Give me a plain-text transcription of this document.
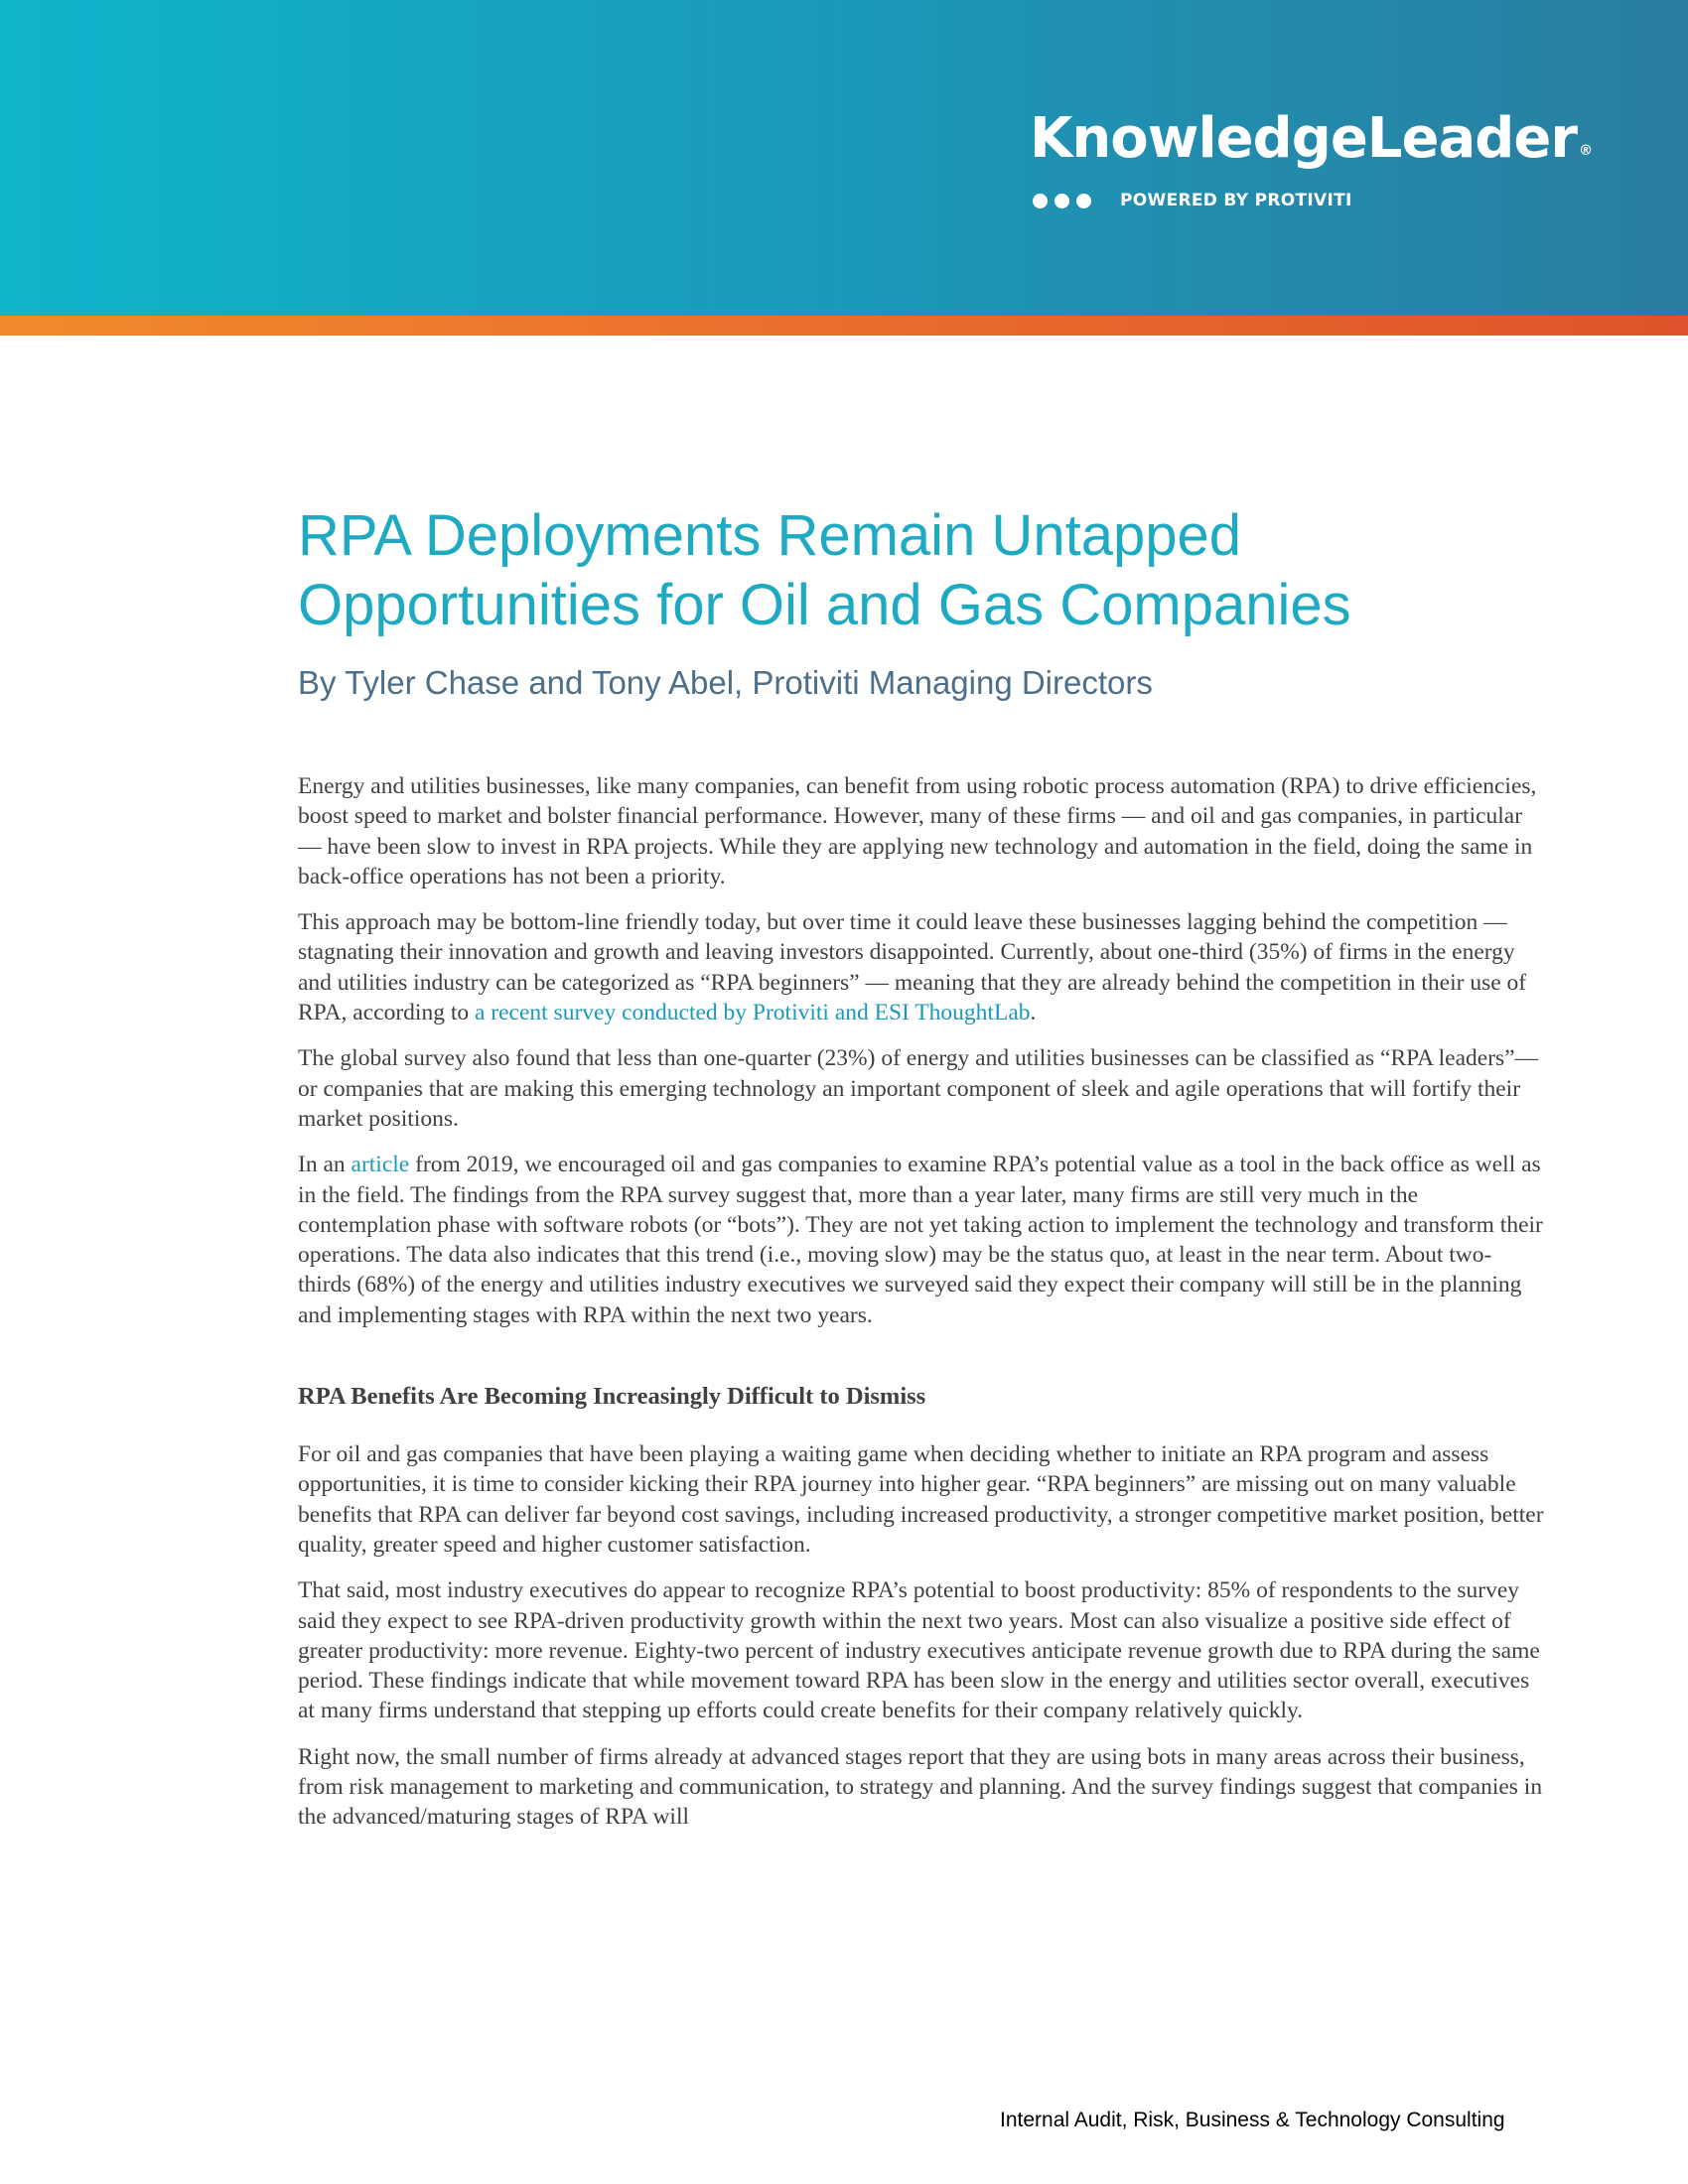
KnowledgeLeader ®
POWERED BY PROTIVITI
RPA Deployments Remain Untapped Opportunities for Oil and Gas Companies

By Tyler Chase and Tony Abel, Protiviti Managing Directors

Energy and utilities businesses, like many companies, can benefit from using robotic process automation (RPA) to drive efficiencies, boost speed to market and bolster financial performance. However, many of these firms — and oil and gas companies, in particular — have been slow to invest in RPA projects. While they are applying new technology and automation in the field, doing the same in back-office operations has not been a priority.

This approach may be bottom-line friendly today, but over time it could leave these businesses lagging behind the competition — stagnating their innovation and growth and leaving investors disappointed. Currently, about one-third (35%) of firms in the energy and utilities industry can be categorized as “RPA beginners” — meaning that they are already behind the competition in their use of RPA, according to a recent survey conducted by Protiviti and ESI ThoughtLab.

The global survey also found that less than one-quarter (23%) of energy and utilities businesses can be classified as “RPA leaders”— or companies that are making this emerging technology an important component of sleek and agile operations that will fortify their market positions.

In an article from 2019, we encouraged oil and gas companies to examine RPA’s potential value as a tool in the back office as well as in the field. The findings from the RPA survey suggest that, more than a year later, many firms are still very much in the contemplation phase with software robots (or “bots”). They are not yet taking action to implement the technology and transform their operations. The data also indicates that this trend (i.e., moving slow) may be the status quo, at least in the near term. About two-thirds (68%) of the energy and utilities industry executives we surveyed said they expect their company will still be in the planning and implementing stages with RPA within the next two years.

RPA Benefits Are Becoming Increasingly Difficult to Dismiss

For oil and gas companies that have been playing a waiting game when deciding whether to initiate an RPA program and assess opportunities, it is time to consider kicking their RPA journey into higher gear. “RPA beginners” are missing out on many valuable benefits that RPA can deliver far beyond cost savings, including increased productivity, a stronger competitive market position, better quality, greater speed and higher customer satisfaction.

That said, most industry executives do appear to recognize RPA’s potential to boost productivity: 85% of respondents to the survey said they expect to see RPA-driven productivity growth within the next two years. Most can also visualize a positive side effect of greater productivity: more revenue. Eighty-two percent of industry executives anticipate revenue growth due to RPA during the same period. These findings indicate that while movement toward RPA has been slow in the energy and utilities sector overall, executives at many firms understand that stepping up efforts could create benefits for their company relatively quickly.

Right now, the small number of firms already at advanced stages report that they are using bots in many areas across their business, from risk management to marketing and communication, to strategy and planning. And the survey findings suggest that companies in the advanced/maturing stages of RPA will

Internal Audit, Risk, Business & Technology Consulting
